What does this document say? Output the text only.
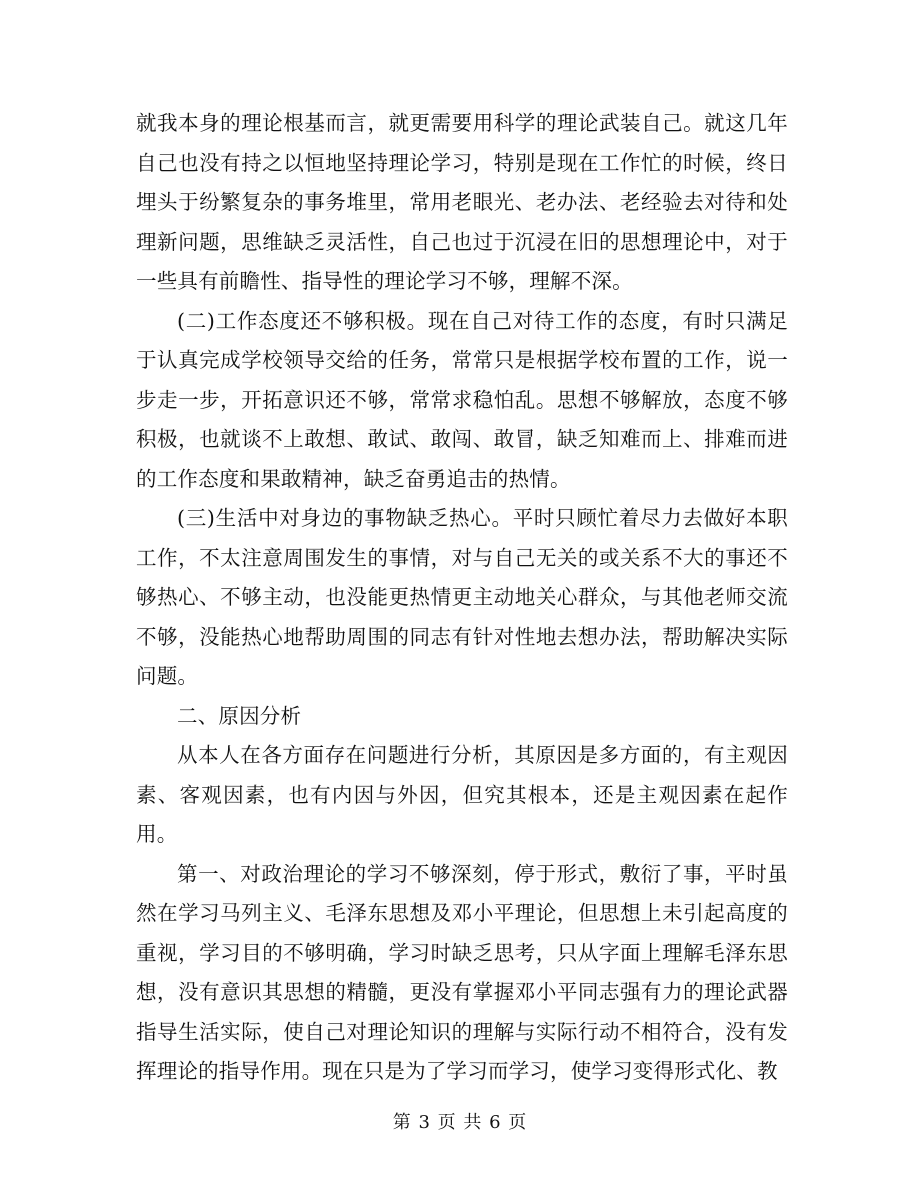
就我本身的理论根基而言，就更需要用科学的理论武装自己。就这几年自己也没有持之以恒地坚持理论学习，特别是现在工作忙的时候，终日埋头于纷繁复杂的事务堆里，常用老眼光、老办法、老经验去对待和处理新问题，思维缺乏灵活性，自己也过于沉浸在旧的思想理论中，对于一些具有前瞻性、指导性的理论学习不够，理解不深。

(二)工作态度还不够积极。现在自己对待工作的态度，有时只满足于认真完成学校领导交给的任务，常常只是根据学校布置的工作，说一步走一步，开拓意识还不够，常常求稳怕乱。思想不够解放，态度不够积极，也就谈不上敢想、敢试、敢闯、敢冒，缺乏知难而上、排难而进的工作态度和果敢精神，缺乏奋勇追击的热情。

(三)生活中对身边的事物缺乏热心。平时只顾忙着尽力去做好本职工作，不太注意周围发生的事情，对与自己无关的或关系不大的事还不够热心、不够主动，也没能更热情更主动地关心群众，与其他老师交流不够，没能热心地帮助周围的同志有针对性地去想办法，帮助解决实际问题。

二、原因分析

从本人在各方面存在问题进行分析，其原因是多方面的，有主观因素、客观因素，也有内因与外因，但究其根本，还是主观因素在起作用。

第一、对政治理论的学习不够深刻，停于形式，敷衍了事，平时虽然在学习马列主义、毛泽东思想及邓小平理论，但思想上未引起高度的重视，学习目的不够明确，学习时缺乏思考，只从字面上理解毛泽东思想，没有意识其思想的精髓，更没有掌握邓小平同志强有力的理论武器指导生活实际，使自己对理论知识的理解与实际行动不相符合，没有发挥理论的指导作用。现在只是为了学习而学习，使学习变得形式化、教

第 3 页 共 6 页
